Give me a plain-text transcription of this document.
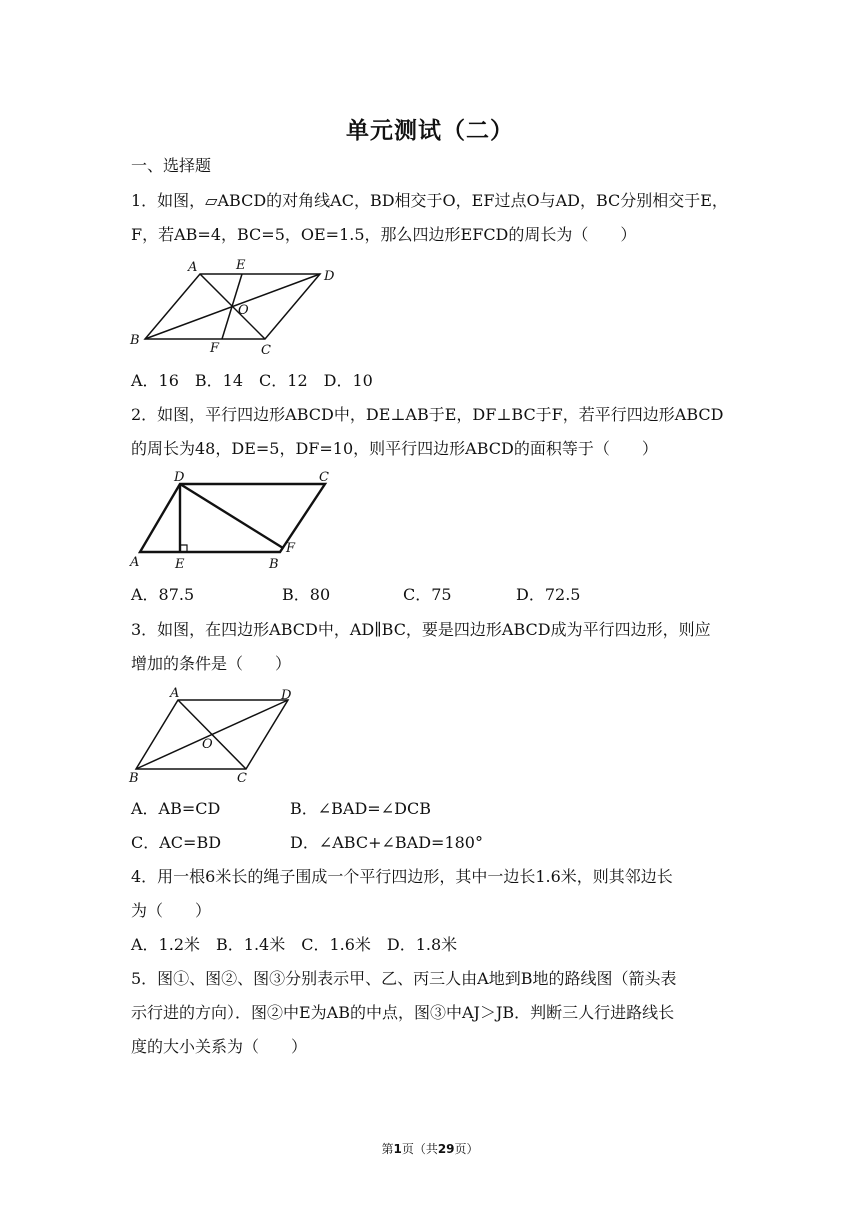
单元测试（二）
一、选择题
1．如图，▱ABCD的对角线AC，BD相交于O，EF过点O与AD，BC分别相交于E，
F，若AB=4，BC=5，OE=1.5，那么四边形EFCD的周长为（　　）
A	E
D
O
B
F	C
A．16　B．14　C．12　D．10
2．如图，平行四边形ABCD中，DE⊥AB于E，DF⊥BC于F，若平行四边形ABCD
的周长为48，DE=5，DF=10，则平行四边形ABCD的面积等于（　　）
D	C
A	E	B
F
A．87.5	B．80	C．75	D．72.5
3．如图，在四边形ABCD中，AD∥BC，要是四边形ABCD成为平行四边形，则应
增加的条件是（　　）
A	D
O
B	C
A．AB=CD	B．∠BAD=∠DCB
C．AC=BD	D．∠ABC+∠BAD=180°
4．用一根6米长的绳子围成一个平行四边形，其中一边长1.6米，则其邻边长
为（　　）
A．1.2米　B．1.4米　C．1.6米　D．1.8米
5．图①、图②、图③分别表示甲、乙、丙三人由A地到B地的路线图（箭头表
示行进的方向）．图②中E为AB的中点，图③中AJ＞JB．判断三人行进路线长
度的大小关系为（　　）
第1页（共29页）
